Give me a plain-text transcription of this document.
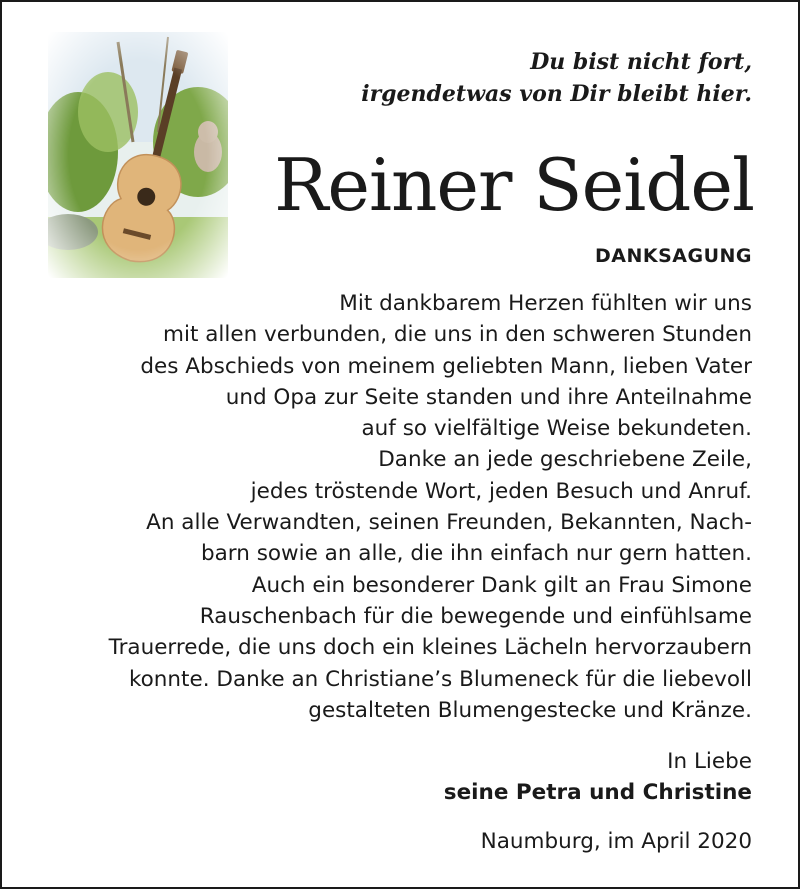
Du bist nicht fort,
irgendetwas von Dir bleibt hier.
Reiner Seidel
DANKSAGUNG
Mit dankbarem Herzen fühlten wir uns
mit allen verbunden, die uns in den schweren Stunden
des Abschieds von meinem geliebten Mann, lieben Vater
und Opa zur Seite standen und ihre Anteilnahme
auf so vielfältige Weise bekundeten.
Danke an jede geschriebene Zeile,
jedes tröstende Wort, jeden Besuch und Anruf.
An alle Verwandten, seinen Freunden, Bekannten, Nach-
barn sowie an alle, die ihn einfach nur gern hatten.
Auch ein besonderer Dank gilt an Frau Simone
Rauschenbach für die bewegende und einfühlsame
Trauerrede, die uns doch ein kleines Lächeln hervorzaubern
konnte. Danke an Christiane’s Blumeneck für die liebevoll
gestalteten Blumengestecke und Kränze.
In Liebe
seine Petra und Christine
Naumburg, im April 2020
